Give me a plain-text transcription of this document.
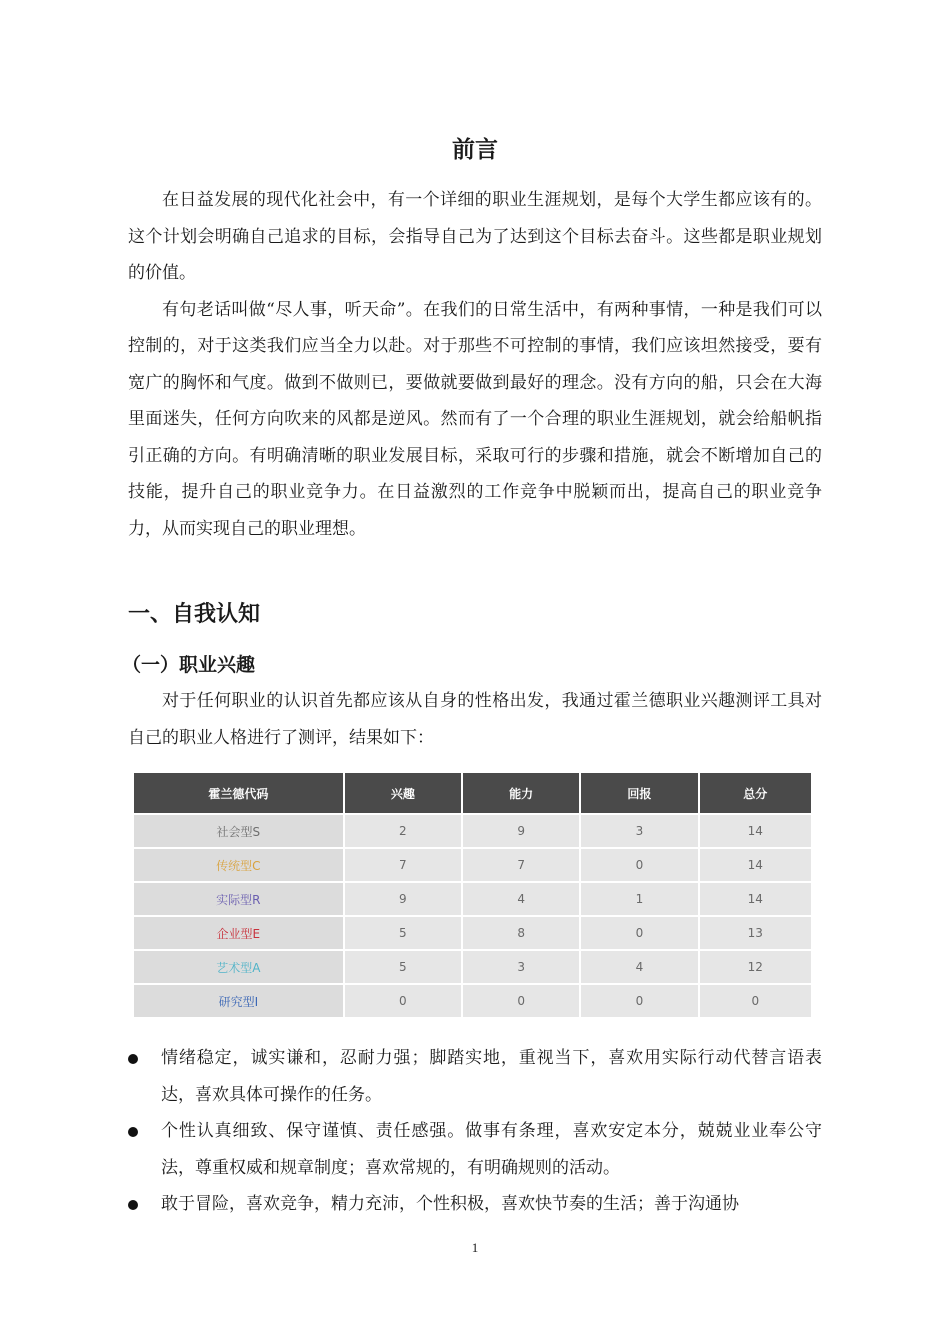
前言

在日益发展的现代化社会中，有一个详细的职业生涯规划，是每个大学生都应该有的。这个计划会明确自己追求的目标，会指导自己为了达到这个目标去奋斗。这些都是职业规划的价值。

有句老话叫做“尽人事，听天命”。在我们的日常生活中，有两种事情，一种是我们可以控制的，对于这类我们应当全力以赴。对于那些不可控制的事情，我们应该坦然接受，要有宽广的胸怀和气度。做到不做则已，要做就要做到最好的理念。没有方向的船，只会在大海里面迷失，任何方向吹来的风都是逆风。然而有了一个合理的职业生涯规划，就会给船帆指引正确的方向。有明确清晰的职业发展目标，采取可行的步骤和措施，就会不断增加自己的技能，提升自己的职业竞争力。在日益激烈的工作竞争中脱颖而出，提高自己的职业竞争力，从而实现自己的职业理想。

一、自我认知
（一）职业兴趣

对于任何职业的认识首先都应该从自身的性格出发，我通过霍兰德职业兴趣测评工具对自己的职业人格进行了测评，结果如下：

霍兰德代码	兴趣	能力	回报	总分
社会型S	2	9	3	14
传统型C	7	7	0	14
实际型R	9	4	1	14
企业型E	5	8	0	13
艺术型A	5	3	4	12
研究型I	0	0	0	0
情绪稳定，诚实谦和，忍耐力强；脚踏实地，重视当下，喜欢用实际行动代替言语表达，喜欢具体可操作的任务。
个性认真细致、保守谨慎、责任感强。做事有条理，喜欢安定本分，兢兢业业奉公守法，尊重权威和规章制度；喜欢常规的，有明确规则的活动。
敢于冒险，喜欢竞争，精力充沛，个性积极，喜欢快节奏的生活；善于沟通协
1
